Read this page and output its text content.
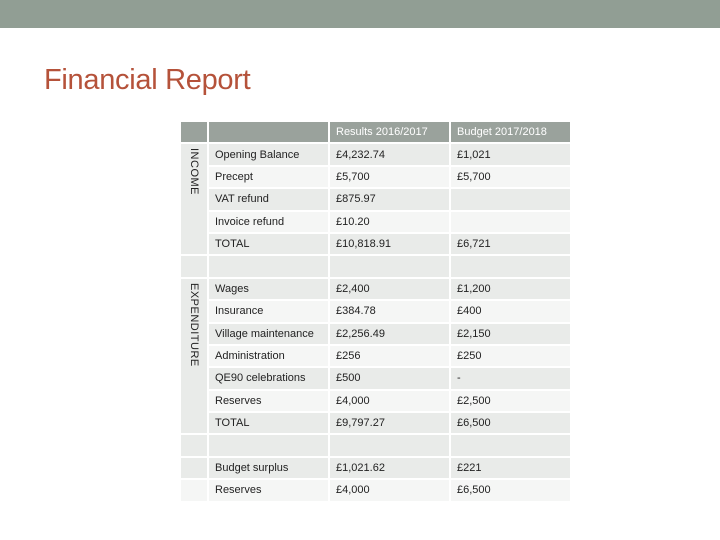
Financial Report
		Results 2016/2017	Budget 2017/2018

INCOME	Opening Balance	£4,232.74	£1,021
	Precept	£5,700	£5,700
	VAT refund	£875.97	
	Invoice refund	£10.20	
	TOTAL	£10,818.91	£6,721

EXPENDITURE	Wages	£2,400	£1,200
	Insurance	£384.78	£400
	Village maintenance	£2,256.49	£2,150
	Administration	£256	£250
	QE90 celebrations	£500	-
	Reserves	£4,000	£2,500
	TOTAL	£9,797.27	£6,500

	Budget surplus	£1,021.62	£221
	Reserves	£4,000	£6,500
